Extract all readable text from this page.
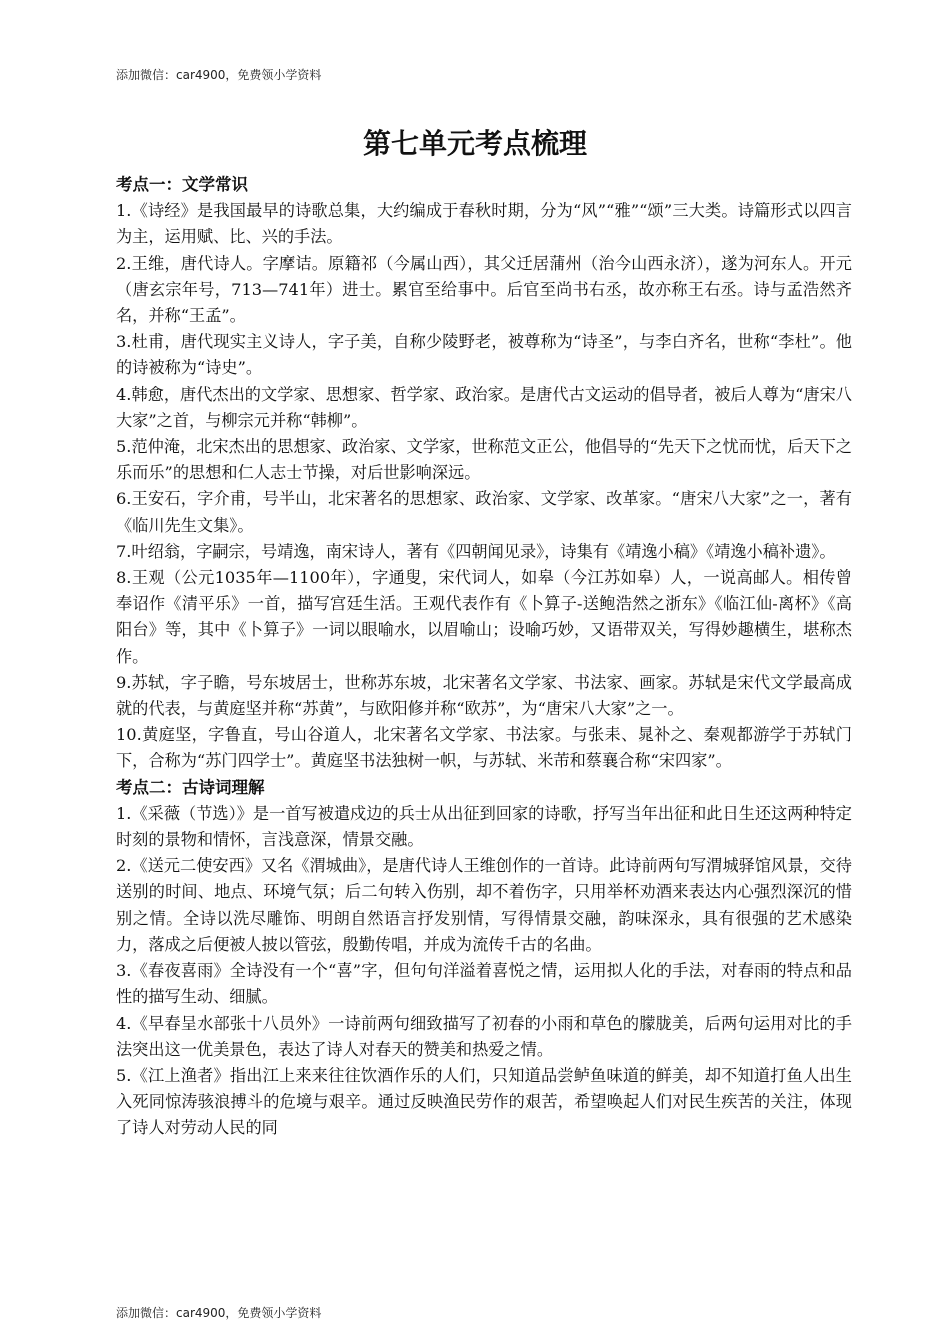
添加微信：car4900，免费领小学资料
第七单元考点梳理

考点一：文学常识

1.《诗经》是我国最早的诗歌总集，大约编成于春秋时期，分为“风”“雅”“颂”三大类。诗篇形式以四言为主，运用赋、比、兴的手法。

2.王维，唐代诗人。字摩诘。原籍祁（今属山西），其父迁居蒲州（治今山西永济），遂为河东人。开元（唐玄宗年号，713—741年）进士。累官至给事中。后官至尚书右丞，故亦称王右丞。诗与孟浩然齐名，并称“王孟”。

3.杜甫，唐代现实主义诗人，字子美，自称少陵野老，被尊称为“诗圣”，与李白齐名，世称“李杜”。他的诗被称为“诗史”。

4.韩愈，唐代杰出的文学家、思想家、哲学家、政治家。是唐代古文运动的倡导者，被后人尊为“唐宋八大家”之首，与柳宗元并称“韩柳”。

5.范仲淹，北宋杰出的思想家、政治家、文学家，世称范文正公，他倡导的“先天下之忧而忧，后天下之乐而乐”的思想和仁人志士节操，对后世影响深远。

6.王安石，字介甫，号半山，北宋著名的思想家、政治家、文学家、改革家。“唐宋八大家”之一，著有《临川先生文集》。

7.叶绍翁，字嗣宗，号靖逸，南宋诗人，著有《四朝闻见录》，诗集有《靖逸小稿》《靖逸小稿补遗》。

8.王观（公元1035年—1100年），字通叟，宋代词人，如皋（今江苏如皋）人，一说高邮人。相传曾奉诏作《清平乐》一首，描写宫廷生活。王观代表作有《卜算子-送鲍浩然之浙东》《临江仙-离杯》《高阳台》等，其中《卜算子》一词以眼喻水，以眉喻山；设喻巧妙，又语带双关，写得妙趣横生，堪称杰作。

9.苏轼，字子瞻，号东坡居士，世称苏东坡，北宋著名文学家、书法家、画家。苏轼是宋代文学最高成就的代表，与黄庭坚并称“苏黄”，与欧阳修并称“欧苏”，为“唐宋八大家”之一。

10.黄庭坚，字鲁直，号山谷道人，北宋著名文学家、书法家。与张耒、晁补之、秦观都游学于苏轼门下，合称为“苏门四学士”。黄庭坚书法独树一帜，与苏轼、米芾和蔡襄合称“宋四家”。

考点二：古诗词理解

1.《采薇（节选）》是一首写被遣戍边的兵士从出征到回家的诗歌，抒写当年出征和此日生还这两种特定时刻的景物和情怀，言浅意深，情景交融。

2.《送元二使安西》又名《渭城曲》，是唐代诗人王维创作的一首诗。此诗前两句写渭城驿馆风景，交待送别的时间、地点、环境气氛；后二句转入伤别，却不着伤字，只用举杯劝酒来表达内心强烈深沉的惜别之情。全诗以洗尽雕饰、明朗自然语言抒发别情，写得情景交融，韵味深永，具有很强的艺术感染力，落成之后便被人披以管弦，殷勤传唱，并成为流传千古的名曲。

3.《春夜喜雨》全诗没有一个“喜”字，但句句洋溢着喜悦之情，运用拟人化的手法，对春雨的特点和品性的描写生动、细腻。

4.《早春呈水部张十八员外》一诗前两句细致描写了初春的小雨和草色的朦胧美，后两句运用对比的手法突出这一优美景色，表达了诗人对春天的赞美和热爱之情。

5.《江上渔者》指出江上来来往往饮酒作乐的人们，只知道品尝鲈鱼味道的鲜美，却不知道打鱼人出生入死同惊涛骇浪搏斗的危境与艰辛。通过反映渔民劳作的艰苦，希望唤起人们对民生疾苦的关注，体现了诗人对劳动人民的同

添加微信：car4900，免费领小学资料
